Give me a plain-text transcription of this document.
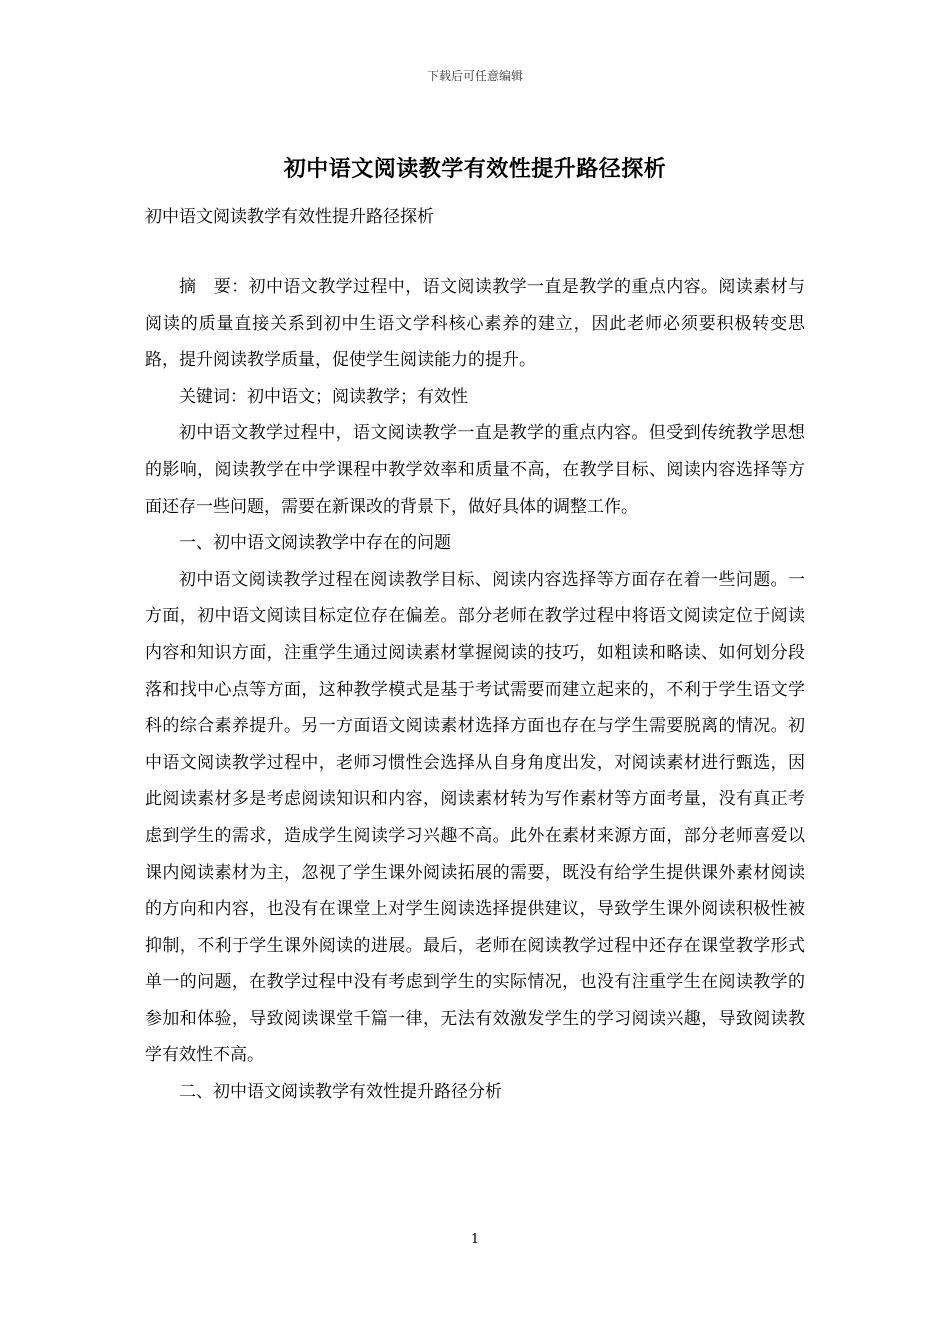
下载后可任意编辑
初中语文阅读教学有效性提升路径探析
初中语文阅读教学有效性提升路径探析

摘　要：初中语文教学过程中，语文阅读教学一直是教学的重点内容。阅读素材与阅读的质量直接关系到初中生语文学科核心素养的建立，因此老师必须要积极转变思路，提升阅读教学质量，促使学生阅读能力的提升。

关键词：初中语文；阅读教学；有效性

初中语文教学过程中，语文阅读教学一直是教学的重点内容。但受到传统教学思想的影响，阅读教学在中学课程中教学效率和质量不高，在教学目标、阅读内容选择等方面还存一些问题，需要在新课改的背景下，做好具体的调整工作。

一、初中语文阅读教学中存在的问题

初中语文阅读教学过程在阅读教学目标、阅读内容选择等方面存在着一些问题。一方面，初中语文阅读目标定位存在偏差。部分老师在教学过程中将语文阅读定位于阅读内容和知识方面，注重学生通过阅读素材掌握阅读的技巧，如粗读和略读、如何划分段落和找中心点等方面，这种教学模式是基于考试需要而建立起来的，不利于学生语文学科的综合素养提升。另一方面语文阅读素材选择方面也存在与学生需要脱离的情况。初中语文阅读教学过程中，老师习惯性会选择从自身角度出发，对阅读素材进行甄选，因此阅读素材多是考虑阅读知识和内容，阅读素材转为写作素材等方面考量，没有真正考虑到学生的需求，造成学生阅读学习兴趣不高。此外在素材来源方面，部分老师喜爱以课内阅读素材为主，忽视了学生课外阅读拓展的需要，既没有给学生提供课外素材阅读的方向和内容，也没有在课堂上对学生阅读选择提供建议，导致学生课外阅读积极性被抑制，不利于学生课外阅读的进展。最后，老师在阅读教学过程中还存在课堂教学形式单一的问题，在教学过程中没有考虑到学生的实际情况，也没有注重学生在阅读教学的参加和体验，导致阅读课堂千篇一律，无法有效激发学生的学习阅读兴趣，导致阅读教学有效性不高。

二、初中语文阅读教学有效性提升路径分析

1
